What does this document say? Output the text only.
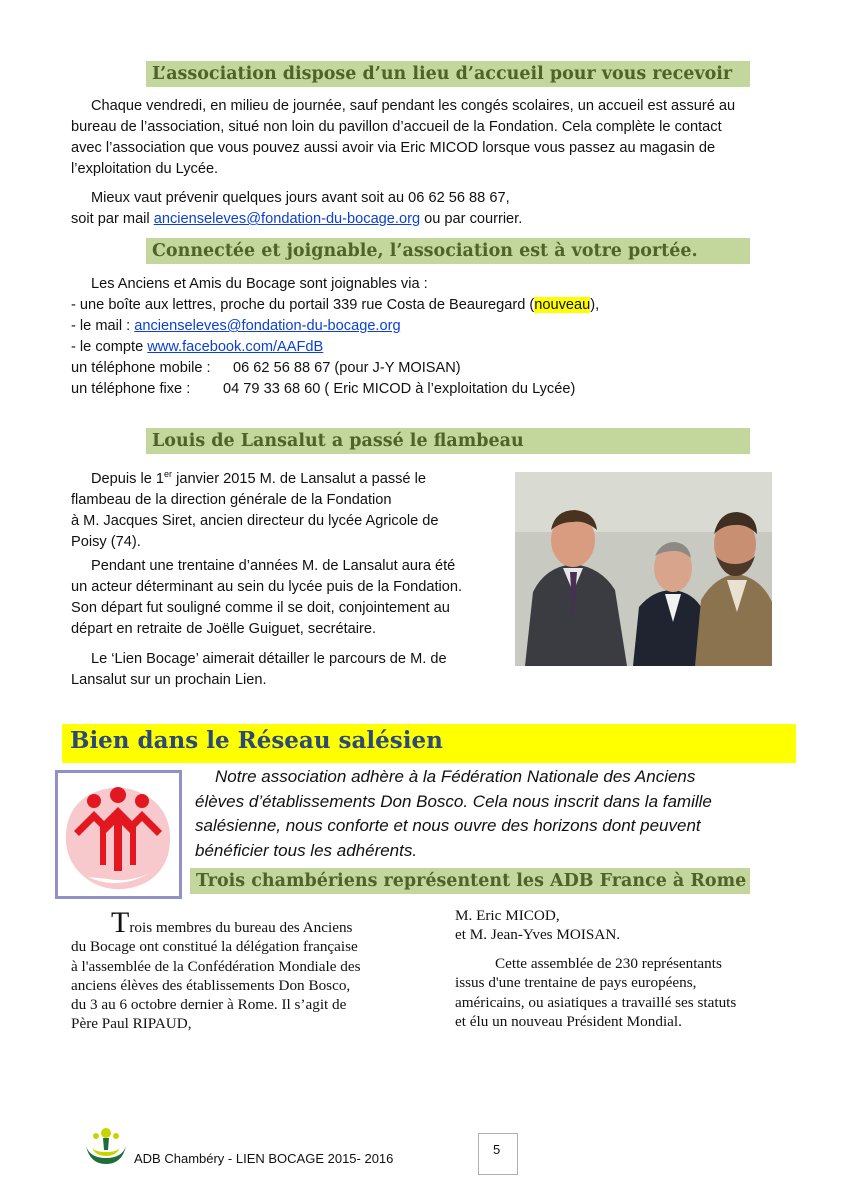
L’association dispose d’un lieu d’accueil pour vous recevoir
Chaque vendredi, en milieu de journée, sauf pendant les congés scolaires, un accueil est assuré au
bureau de l’association, situé non loin du pavillon d’accueil de la Fondation. Cela complète le contact
avec l’association que vous pouvez aussi avoir via Eric MICOD lorsque vous passez au magasin de
l’exploitation du Lycée.
Mieux vaut prévenir quelques jours avant soit au 06 62 56 88 67,
soit par mail ancienseleves@fondation-du-bocage.org ou par courrier.
Connectée et joignable, l’association est à votre portée.
Les Anciens et Amis du Bocage sont joignables via :
- une boîte aux lettres, proche du portail 339 rue Costa de Beauregard (nouveau),
- le mail : ancienseleves@fondation-du-bocage.org
- le compte www.facebook.com/AAFdB
un téléphone mobile : 06 62 56 88 67 (pour J-Y MOISAN)
un téléphone fixe : 04 79 33 68 60 ( Eric MICOD à l’exploitation du Lycée)
Louis de Lansalut a passé le flambeau
Depuis le 1er janvier 2015 M. de Lansalut a passé le
flambeau de la direction générale de la Fondation
à M. Jacques Siret, ancien directeur du lycée Agricole de
Poisy (74).
Pendant une trentaine d’années M. de Lansalut aura été
un acteur déterminant au sein du lycée puis de la Fondation.
Son départ fut souligné comme il se doit, conjointement au
départ en retraite de Joëlle Guiguet, secrétaire.
Le ‘Lien Bocage’ aimerait détailler le parcours de M. de
Lansalut sur un prochain Lien.
Bien dans le Réseau salésien
Notre association adhère à la Fédération Nationale des Anciens
élèves d’établissements Don Bosco. Cela nous inscrit dans la famille
salésienne, nous conforte et nous ouvre des horizons dont peuvent
bénéficier tous les adhérents.
Trois chambériens représentent les ADB France à Rome
Trois membres du bureau des Anciens
du Bocage ont constitué la délégation française
à l'assemblée de la Confédération Mondiale des
anciens élèves des établissements Don Bosco,
du 3 au 6 octobre dernier à Rome. Il s’agit de
Père Paul RIPAUD,
M. Eric MICOD,
et M. Jean-Yves MOISAN.
Cette assemblée de 230 représentants
issus d'une trentaine de pays européens,
américains, ou asiatiques a travaillé ses statuts
et élu un nouveau Président Mondial.
ADB Chambéry - LIEN BOCAGE 2015- 2016
5
